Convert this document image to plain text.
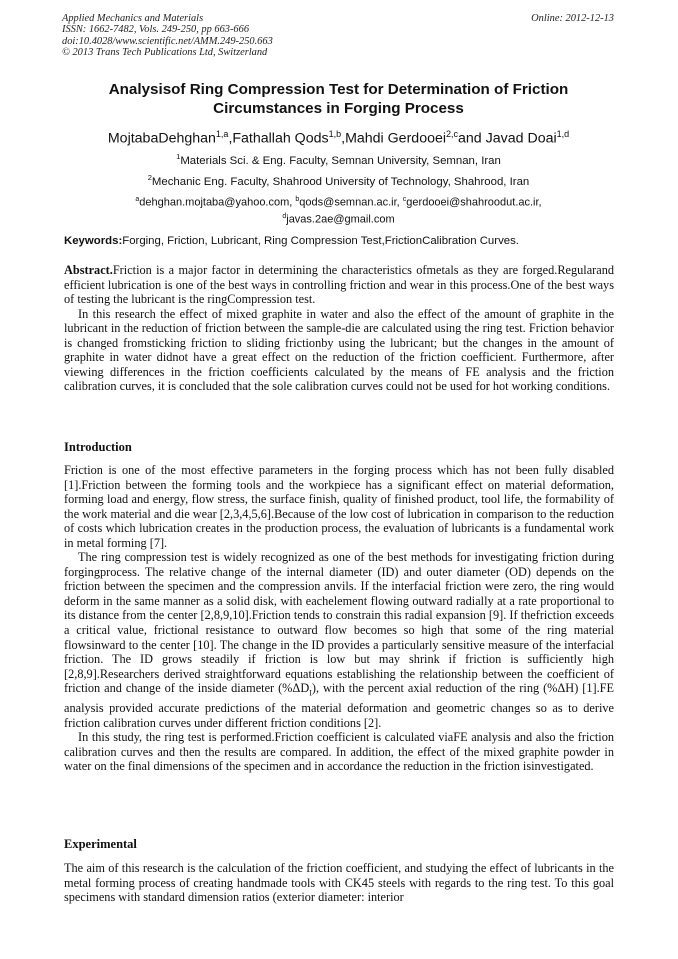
Applied Mechanics and Materials
ISSN: 1662-7482, Vols. 249-250, pp 663-666
doi:10.4028/www.scientific.net/AMM.249-250.663
© 2013 Trans Tech Publications Ltd, Switzerland
Online: 2012-12-13
Analysisof Ring Compression Test for Determination of Friction
Circumstances in Forging Process
MojtabaDehghan$^{1,a}$,Fathallah Qods$^{1,b}$,Mahdi Gerdooei$^{2,c}$and Javad Doai$^{1,d}$
$^1$Materials Sci. & Eng. Faculty, Semnan University, Semnan, Iran
$^2$Mechanic Eng. Faculty, Shahrood University of Technology, Shahrood, Iran
$^a$dehghan.mojtaba@yahoo.com, $^b$qods@semnan.ac.ir, $^c$gerdooei@shahroodut.ac.ir,
$^d$javas.2ae@gmail.com
Keywords:Forging, Friction, Lubricant, Ring Compression Test,FrictionCalibration Curves.

Abstract.Friction is a major factor in determining the characteristics ofmetals as they are forged.Regularand efficient lubrication is one of the best ways in controlling friction and wear in this process.One of the best ways of testing the lubricant is the ringCompression test.

In this research the effect of mixed graphite in water and also the effect of the amount of graphite in the lubricant in the reduction of friction between the sample-die are calculated using the ring test. Friction behavior is changed fromsticking friction to sliding frictionby using the lubricant; but the changes in the amount of graphite in water didnot have a great effect on the reduction of the friction coefficient. Furthermore, after viewing differences in the friction coefficients calculated by the means of FE analysis and the friction calibration curves, it is concluded that the sole calibration curves could not be used for hot working conditions.

Introduction

Friction is one of the most effective parameters in the forging process which has not been fully disabled [1].Friction between the forming tools and the workpiece has a significant effect on material deformation, forming load and energy, flow stress, the surface finish, quality of finished product, tool life, the formability of the work material and die wear [2,3,4,5,6].Because of the low cost of lubrication in comparison to the reduction of costs which lubrication creates in the production process, the evaluation of lubricants is a fundamental work in metal forming [7].

The ring compression test is widely recognized as one of the best methods for investigating friction during forgingprocess. The relative change of the internal diameter (ID) and outer diameter (OD) depends on the friction between the specimen and the compression anvils. If the interfacial friction were zero, the ring would deform in the same manner as a solid disk, with eachelement flowing outward radially at a rate proportional to its distance from the center [2,8,9,10].Friction tends to constrain this radial expansion [9]. If thefriction exceeds a critical value, frictional resistance to outward flow becomes so high that some of the ring material flowsinward to the center [10]. The change in the ID provides a particularly sensitive measure of the interfacial friction. The ID grows steadily if friction is low but may shrink if friction is sufficiently high [2,8,9].Researchers derived straightforward equations establishing the relationship between the coefficient of friction and change of the inside diameter $(\%\Delta D_I)$, with the percent axial reduction of the ring (%ΔH) [1].FE analysis provided accurate predictions of the material deformation and geometric changes so as to derive friction calibration curves under different friction conditions [2].

In this study, the ring test is performed.Friction coefficient is calculated viaFE analysis and also the friction calibration curves and then the results are compared. In addition, the effect of the mixed graphite powder in water on the final dimensions of the specimen and in accordance the reduction in the friction isinvestigated.

Experimental

The aim of this research is the calculation of the friction coefficient, and studying the effect of lubricants in the metal forming process of creating handmade tools with CK45 steels with regards to the ring test. To this goal specimens with standard dimension ratios (exterior diameter: interior
